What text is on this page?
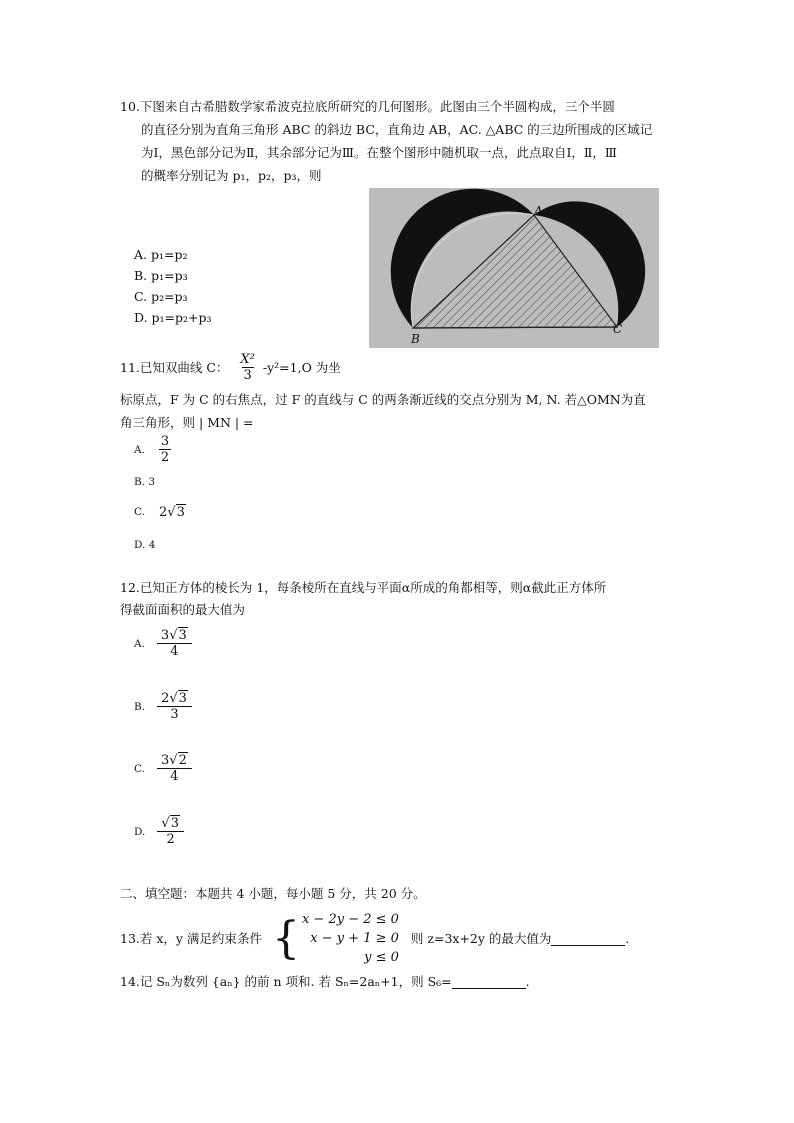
10.下图来自古希腊数学家希波克拉底所研究的几何图形。此图由三个半圆构成，三个半圆
的直径分别为直角三角形 ABC 的斜边 BC，直角边 AB，AC. △ABC 的三边所围成的区域记
为Ⅰ，黑色部分记为Ⅱ，其余部分记为Ⅲ。在整个图形中随机取一点，此点取自Ⅰ，Ⅱ，Ⅲ
的概率分别记为 p₁，p₂，p₃，则
A. p₁=p₂
B. p₁=p₃
C. p₂=p₃
D. p₁=p₂+p₃
A
B
C
11.已知双曲线 C： $\frac{\text{X²}}{3} -y^2=1,O$ 为坐
标原点，F 为 C 的右焦点，过 F 的直线与 C 的两条渐近线的交点分别为 M, N. 若△OMN为直
角三角形，则 | MN | =
A. $\frac{3}{2}$
B. 3
C. 2 √ 3
D. 4
12.已知正方体的棱长为 1，每条棱所在直线与平面α所成的角都相等，则α截此正方体所
得截面面积的最大值为
A. $\frac{3√3}{4}$
B. $\frac{2√3}{3}$
C. $\frac{3√2}{4}$
D. $\frac{√3}{2}$
二、填空题：本题共 4 小题，每小题 5 分，共 20 分。
13.若 x，y 满足约束条件 { x − 2y − 2 ≤ 0
x − y + 1 ≥ 0
y ≤ 0
则 z=3x+2y 的最大值为	.
14.记 Sₙ为数列 {aₙ} 的前 n 项和. 若 Sₙ=2aₙ+1，则 S₆=	.
